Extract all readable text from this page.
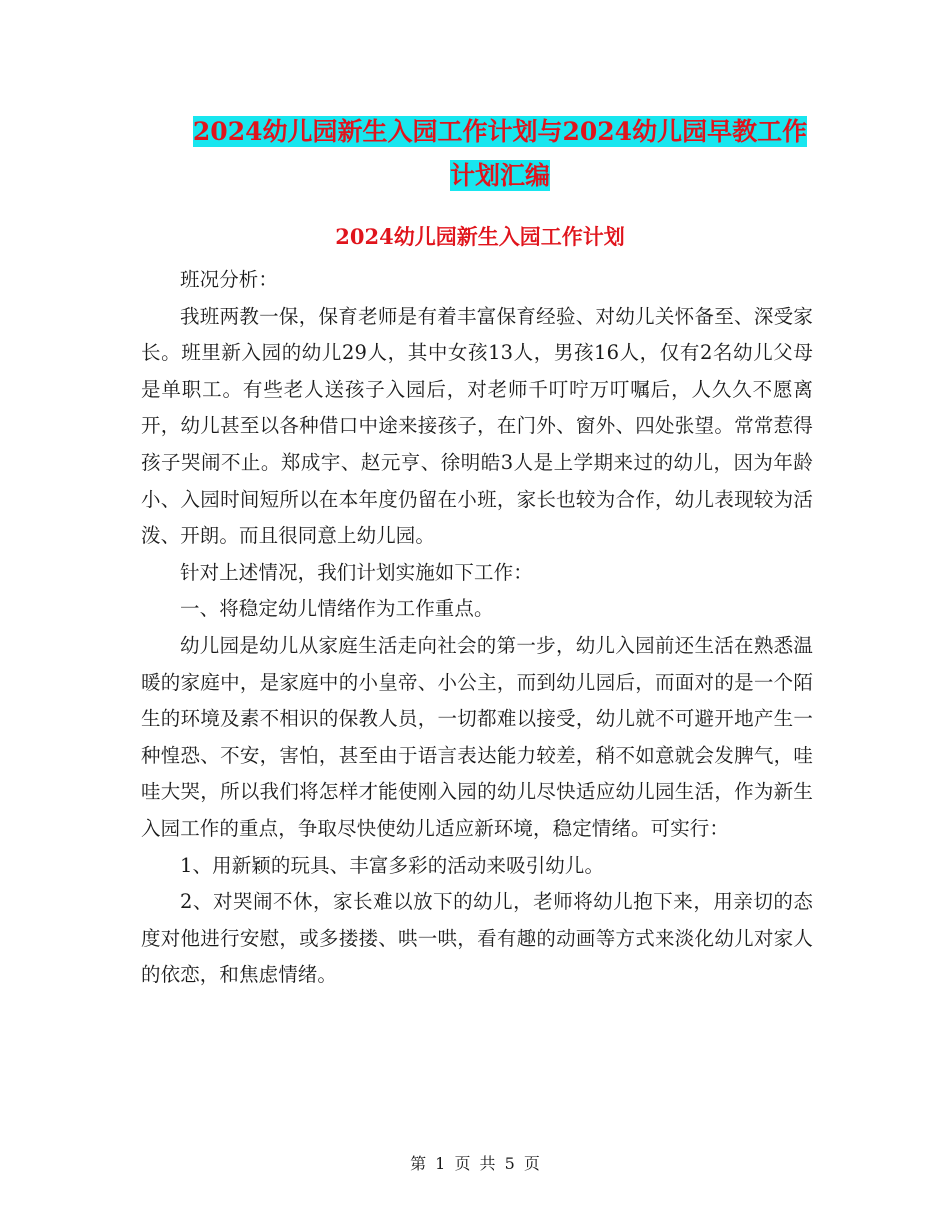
2024幼儿园新生入园工作计划与2024幼儿园早教工作
计划汇编
2024幼儿园新生入园工作计划

班况分析：

我班两教一保，保育老师是有着丰富保育经验、对幼儿关怀备至、深受家长。班里新入园的幼儿29人，其中女孩13人，男孩16人，仅有2名幼儿父母是单职工。有些老人送孩子入园后，对老师千叮咛万叮嘱后，人久久不愿离开，幼儿甚至以各种借口中途来接孩子，在门外、窗外、四处张望。常常惹得孩子哭闹不止。郑成宇、赵元亨、徐明皓3人是上学期来过的幼儿，因为年龄小、入园时间短所以在本年度仍留在小班，家长也较为合作，幼儿表现较为活泼、开朗。而且很同意上幼儿园。

针对上述情况，我们计划实施如下工作：

一、将稳定幼儿情绪作为工作重点。

幼儿园是幼儿从家庭生活走向社会的第一步，幼儿入园前还生活在熟悉温暖的家庭中，是家庭中的小皇帝、小公主，而到幼儿园后，而面对的是一个陌生的环境及素不相识的保教人员，一切都难以接受，幼儿就不可避开地产生一种惶恐、不安，害怕，甚至由于语言表达能力较差，稍不如意就会发脾气，哇哇大哭，所以我们将怎样才能使刚入园的幼儿尽快适应幼儿园生活，作为新生入园工作的重点，争取尽快使幼儿适应新环境，稳定情绪。可实行：

1、用新颖的玩具、丰富多彩的活动来吸引幼儿。

2、对哭闹不休，家长难以放下的幼儿，老师将幼儿抱下来，用亲切的态度对他进行安慰，或多搂搂、哄一哄，看有趣的动画等方式来淡化幼儿对家人的依恋，和焦虑情绪。

第 1 页 共 5 页
